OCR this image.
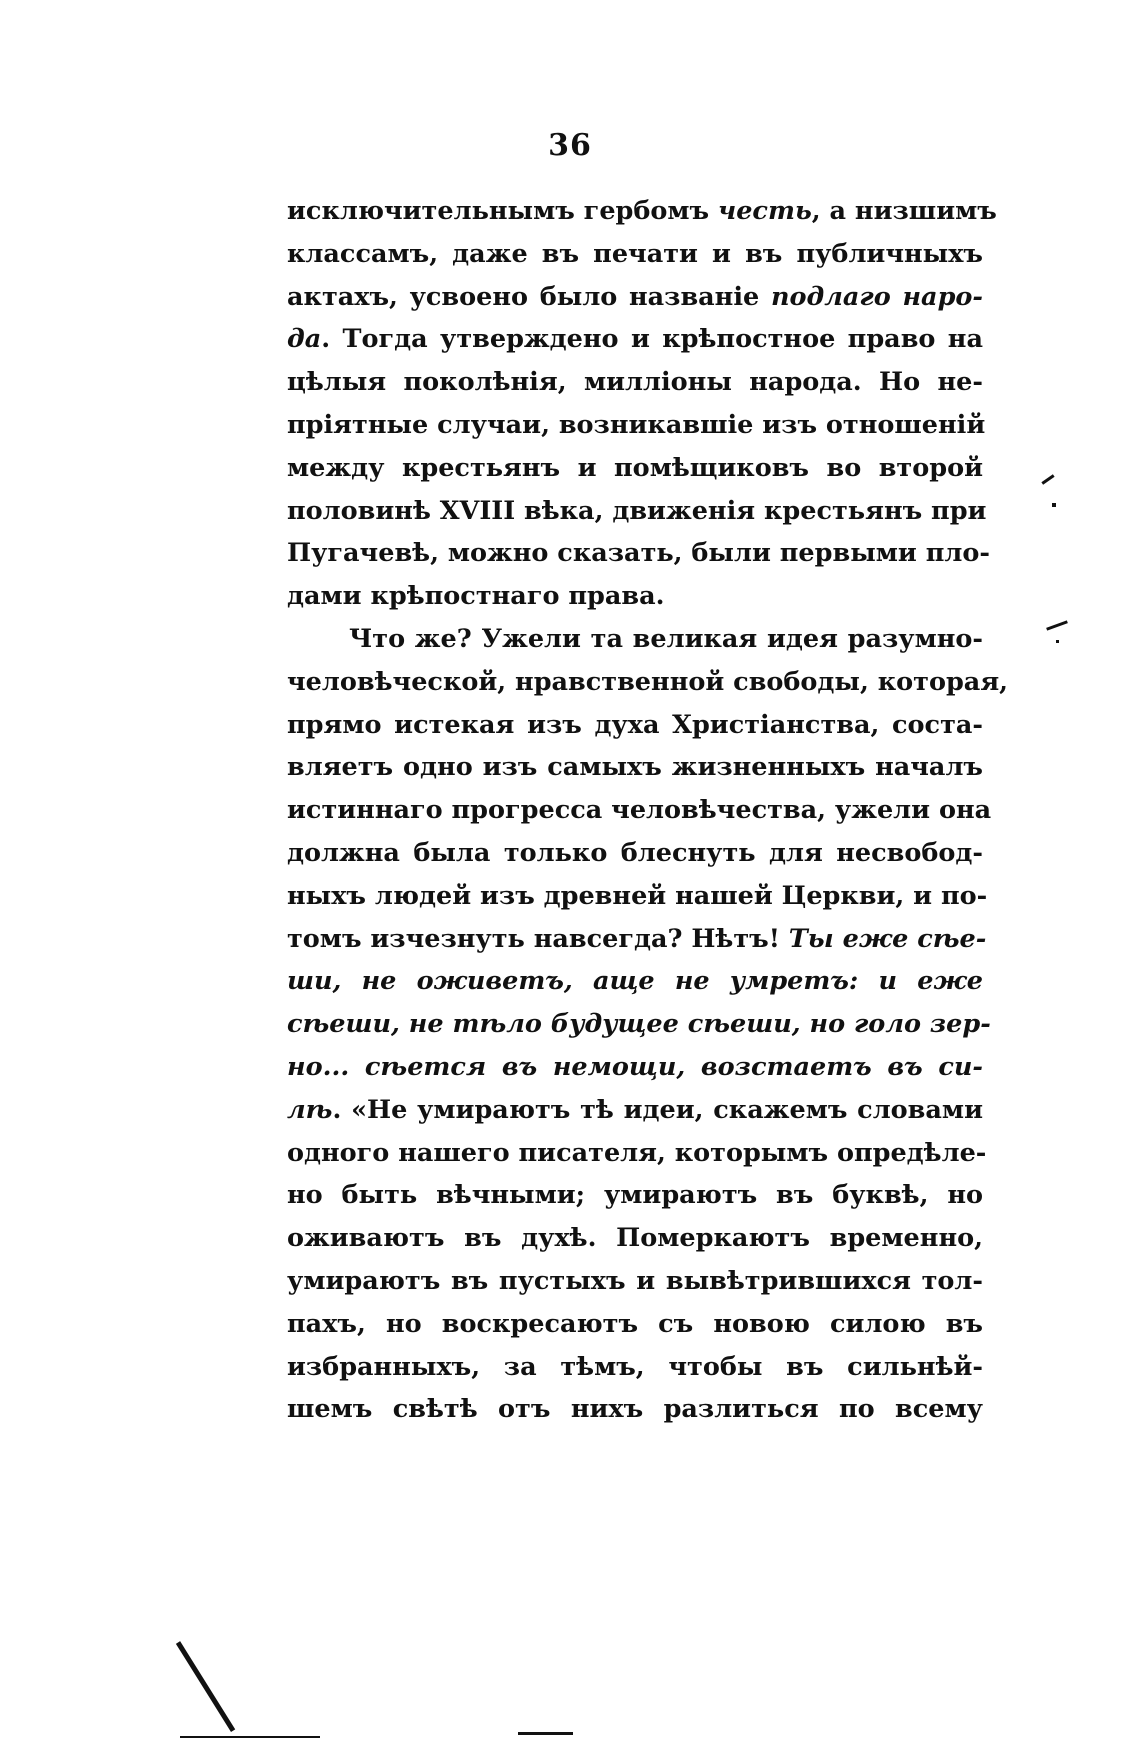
36
исключительнымъ гербомъ честь, а низшимъ
классамъ, даже въ печати и въ публичныхъ
актахъ, усвоено было названіе подлаго наро-
да. Тогда утверждено и крѣпостное право на
цѣлыя поколѣнія, милліоны народа. Но не-
пріятные случаи, возникавшіе изъ отношеній
между крестьянъ и помѣщиковъ во второй
половинѣ XVIII вѣка, движенія крестьянъ при
Пугачевѣ, можно сказать, были первыми пло-
дами крѣпостнаго права.
Что же? Ужели та великая идея разумно-
человѣческой, нравственной свободы, которая,
прямо истекая изъ духа Христіанства, соста-
вляетъ одно изъ самыхъ жизненныхъ началъ
истиннаго прогресса человѣчества, ужели она
должна была только блеснуть для несвобод-
ныхъ людей изъ древней нашей Церкви, и по-
томъ изчезнуть навсегда? Нѣтъ! Ты еже сѣе-
ши, не оживетъ, аще не умретъ: и еже
сѣеши, не тѣло будущее сѣеши, но голо зер-
но... сѣется въ немощи, возстаетъ въ си-
лѣ. «Не умираютъ тѣ идеи, скажемъ словами
одного нашего писателя, которымъ опредѣле-
но быть вѣчными; умираютъ въ буквѣ, но
оживаютъ въ духѣ. Померкаютъ временно,
умираютъ въ пустыхъ и вывѣтрившихся тол-
пахъ, но воскресаютъ съ новою силою въ
избранныхъ, за тѣмъ, чтобы въ сильнѣй-
шемъ свѣтѣ отъ нихъ разлиться по всему
